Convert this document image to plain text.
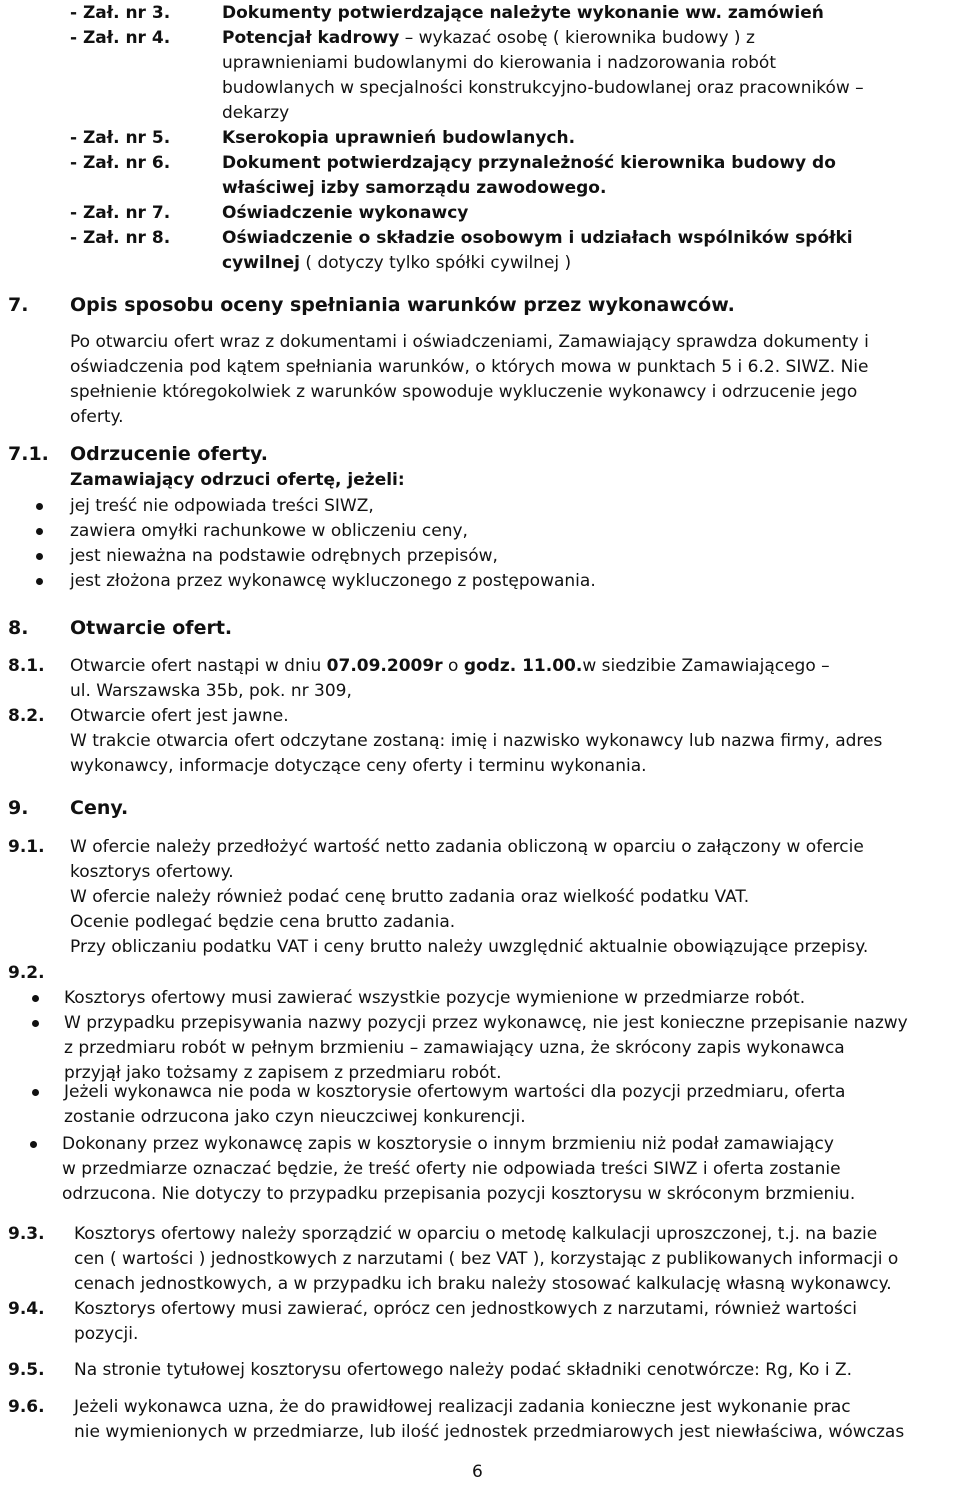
- Zał. nr 3.	Dokumenty potwierdzające należyte wykonanie ww. zamówień
- Zał. nr 4.	Potencjał kadrowy – wykazać osobę ( kierownika budowy ) z
uprawnieniami budowlanymi do kierowania i nadzorowania robót
budowlanych w specjalności konstrukcyjno-budowlanej oraz pracowników –
dekarzy
- Zał. nr 5.	Kserokopia uprawnień budowlanych.
- Zał. nr 6.	Dokument potwierdzający przynależność kierownika budowy do
właściwej izby samorządu zawodowego.
- Zał. nr 7.	Oświadczenie wykonawcy
- Zał. nr 8.	Oświadczenie o składzie osobowym i udziałach wspólników spółki
cywilnej ( dotyczy tylko spółki cywilnej )
7. Opis sposobu oceny spełniania warunków przez wykonawców.
Po otwarciu ofert wraz z dokumentami i oświadczeniami, Zamawiający sprawdza dokumenty i
oświadczenia pod kątem spełniania warunków, o których mowa w punktach 5 i 6.2. SIWZ. Nie
spełnienie któregokolwiek z warunków spowoduje wykluczenie wykonawcy i odrzucenie jego
oferty.
7.1. Odrzucenie oferty.
Zamawiający odrzuci ofertę, jeżeli:
jej treść nie odpowiada treści SIWZ,
zawiera omyłki rachunkowe w obliczeniu ceny,
jest nieważna na podstawie odrębnych przepisów,
jest złożona przez wykonawcę wykluczonego z postępowania.
8. Otwarcie ofert.
8.1. Otwarcie ofert nastąpi w dniu 07.09.2009r o godz. 11.00.w siedzibie Zamawiającego –
ul. Warszawska 35b, pok. nr 309,
8.2. Otwarcie ofert jest jawne.
W trakcie otwarcia ofert odczytane zostaną: imię i nazwisko wykonawcy lub nazwa firmy, adres
wykonawcy, informacje dotyczące ceny oferty i terminu wykonania.
9. Ceny.
9.1. W ofercie należy przedłożyć wartość netto zadania obliczoną w oparciu o załączony w ofercie
kosztorys ofertowy.
W ofercie należy również podać cenę brutto zadania oraz wielkość podatku VAT.
Ocenie podlegać będzie cena brutto zadania.
Przy obliczaniu podatku VAT i ceny brutto należy uwzględnić aktualnie obowiązujące przepisy.
9.2.
Kosztorys ofertowy musi zawierać wszystkie pozycje wymienione w przedmiarze robót.
W przypadku przepisywania nazwy pozycji przez wykonawcę, nie jest konieczne przepisanie nazwy
z przedmiaru robót w pełnym brzmieniu – zamawiający uzna, że skrócony zapis wykonawca
przyjął jako tożsamy z zapisem z przedmiaru robót.
Jeżeli wykonawca nie poda w kosztorysie ofertowym wartości dla pozycji przedmiaru, oferta
zostanie odrzucona jako czyn nieuczciwej konkurencji.
Dokonany przez wykonawcę zapis w kosztorysie o innym brzmieniu niż podał zamawiający
w przedmiarze oznaczać będzie, że treść oferty nie odpowiada treści SIWZ i oferta zostanie
odrzucona. Nie dotyczy to przypadku przepisania pozycji kosztorysu w skróconym brzmieniu.
9.3. Kosztorys ofertowy należy sporządzić w oparciu o metodę kalkulacji uproszczonej, t.j. na bazie
cen ( wartości ) jednostkowych z narzutami ( bez VAT ), korzystając z publikowanych informacji o
cenach jednostkowych, a w przypadku ich braku należy stosować kalkulację własną wykonawcy.
9.4. Kosztorys ofertowy musi zawierać, oprócz cen jednostkowych z narzutami, również wartości
pozycji.
9.5. Na stronie tytułowej kosztorysu ofertowego należy podać składniki cenotwórcze: Rg, Ko i Z.
9.6. Jeżeli wykonawca uzna, że do prawidłowej realizacji zadania konieczne jest wykonanie prac
nie wymienionych w przedmiarze, lub ilość jednostek przedmiarowych jest niewłaściwa, wówczas
6
